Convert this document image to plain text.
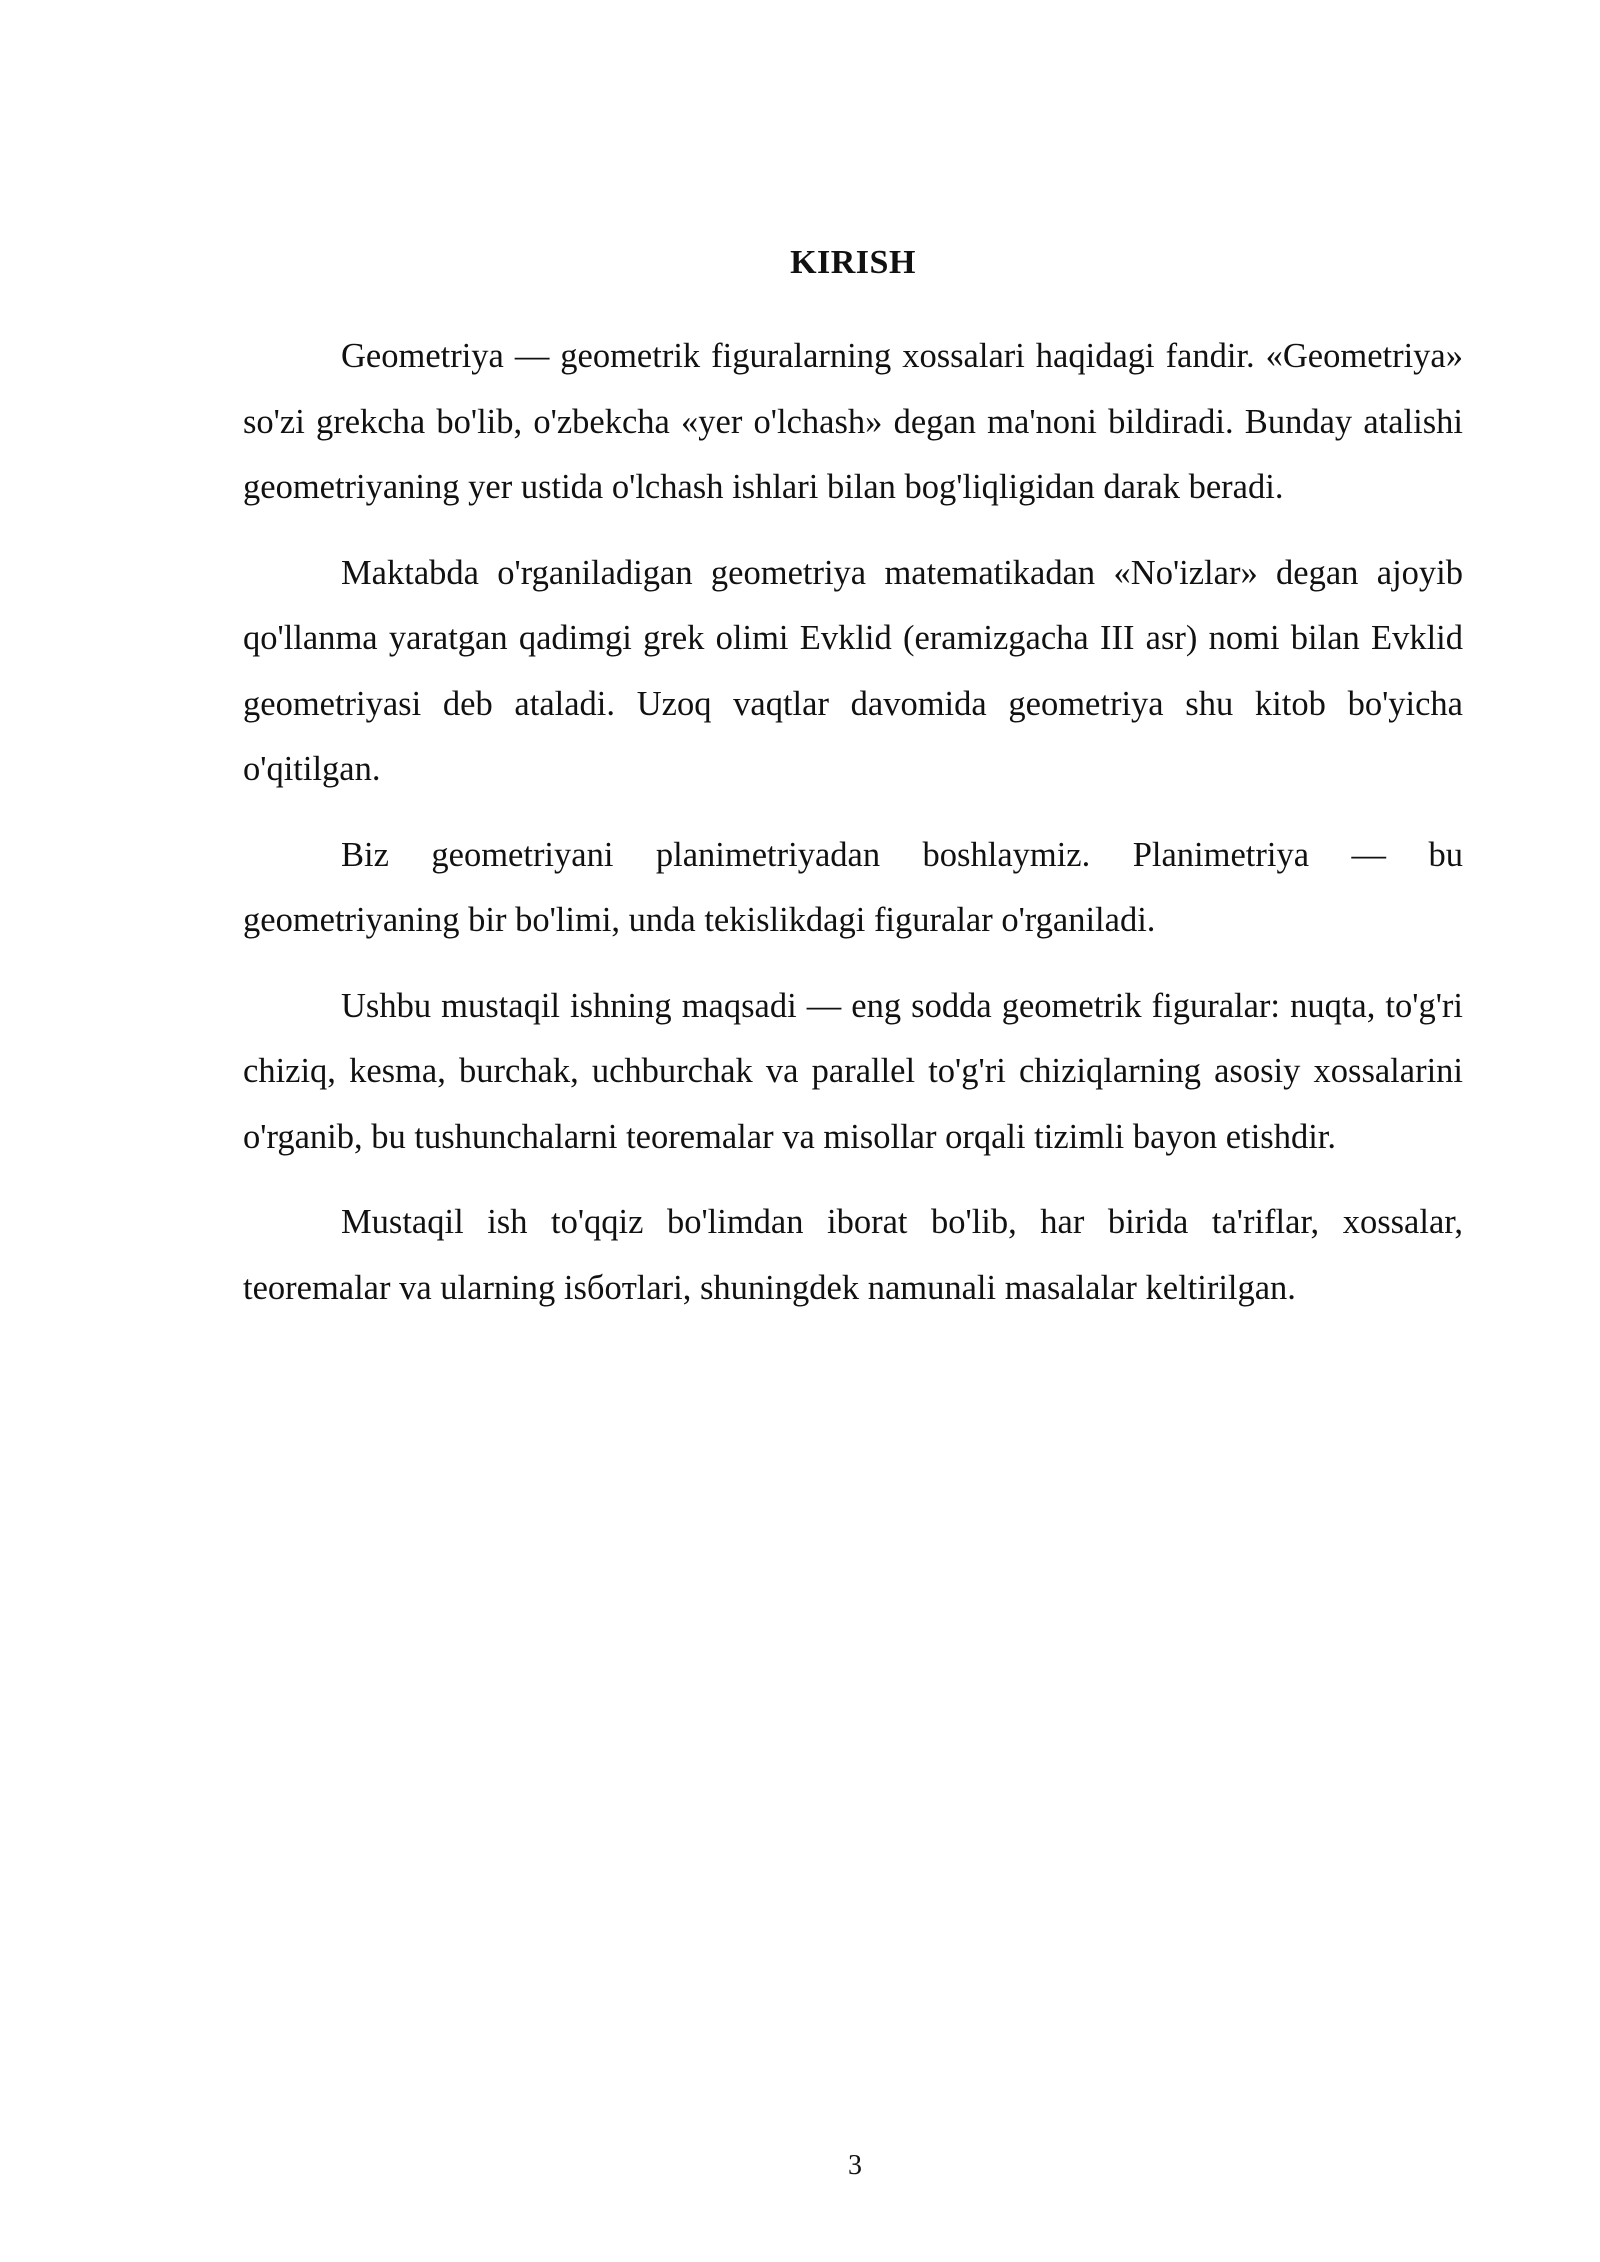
KIRISH

Geometriya — geometrik figuralarning xossalari haqidagi fandir. «Geometriya» so'zi grekcha bo'lib, o'zbekcha «yer o'lchash» degan ma'noni bildiradi. Bunday atalishi geometriyaning yer ustida o'lchash ishlari bilan bog'liqligidan darak beradi.

Maktabda o'rganiladigan geometriya matematikadan «No'izlar» degan ajoyib qo'llanma yaratgan qadimgi grek olimi Evklid (eramizgacha III asr) nomi bilan Evklid geometriyasi deb ataladi. Uzoq vaqtlar davomida geometriya shu kitob bo'yicha o'qitilgan.

Biz geometriyani planimetriyadan boshlaymiz. Planimetriya — bu geometriyaning bir bo'limi, unda tekislikdagi figuralar o'rganiladi.

Ushbu mustaqil ishning maqsadi — eng sodda geometrik figuralar: nuqta, to'g'ri chiziq, kesma, burchak, uchburchak va parallel to'g'ri chiziqlarning asosiy xossalarini o'rganib, bu tushunchalarni teoremalar va misollar orqali tizimli bayon etishdir.

Mustaqil ish to'qqiz bo'limdan iborat bo'lib, har birida ta'riflar, xossalar, teoremalar va ularning isбoтlari, shuningdek namunali masalalar keltirilgan.

3
